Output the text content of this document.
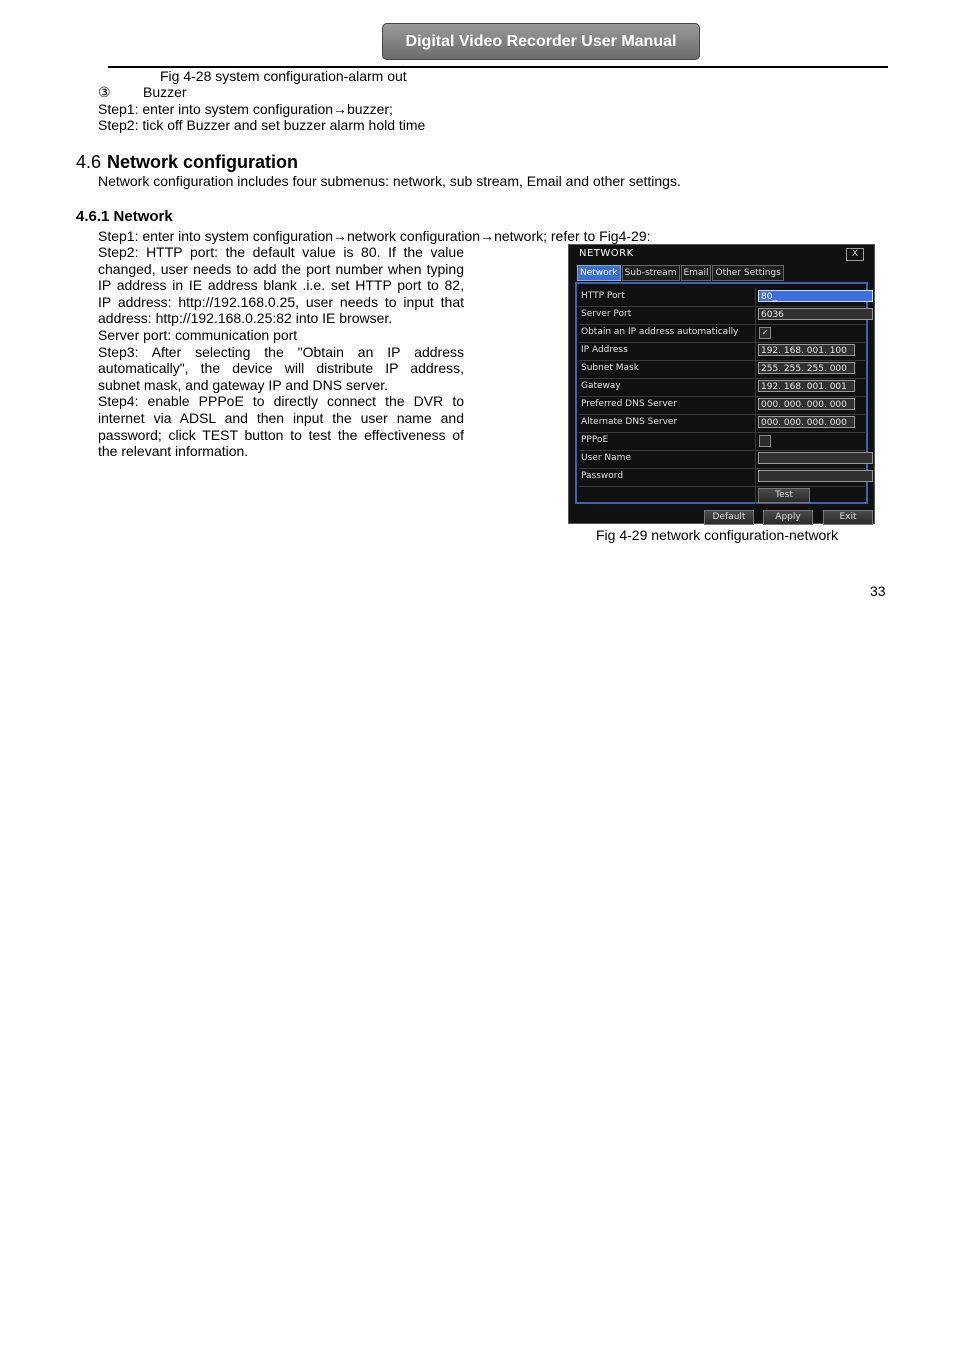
Digital Video Recorder User Manual
Fig 4-28 system configuration-alarm out
③ Buzzer
Step1: enter into system configuration→buzzer;
Step2: tick off Buzzer and set buzzer alarm hold time
4.6 Network configuration
Network configuration includes four submenus: network, sub stream, Email and other settings.
4.6.1 Network
Step1: enter into system configuration→network configuration→network; refer to Fig4-29:
Step2: HTTP port: the default value is 80. If the value
changed, user needs to add the port number when typing
IP address in IE address blank .i.e. set HTTP port to 82,
IP address: http://192.168.0.25, user needs to input that
address: http://192.168.0.25:82 into IE browser.
Server port: communication port
Step3: After selecting the "Obtain an IP address
automatically", the device will distribute IP address,
subnet mask, and gateway IP and DNS server.
Step4: enable PPPoE to directly connect the DVR to
internet via ADSL and then input the user name and
password; click TEST button to test the effectiveness of
the relevant information.
NETWORK	X
Network Sub-stream Email Other Settings
HTTP Port	80_
Server Port	6036
Obtain an IP address automatically	✓
IP Address	192. 168. 001. 100
Subnet Mask	255. 255. 255. 000
Gateway	192. 168. 001. 001
Preferred DNS Server	000. 000. 000. 000
Alternate DNS Server	000. 000. 000. 000
PPPoE
User Name
Password
Test
Default	Apply	Exit
Fig 4-29 network configuration-network
33
